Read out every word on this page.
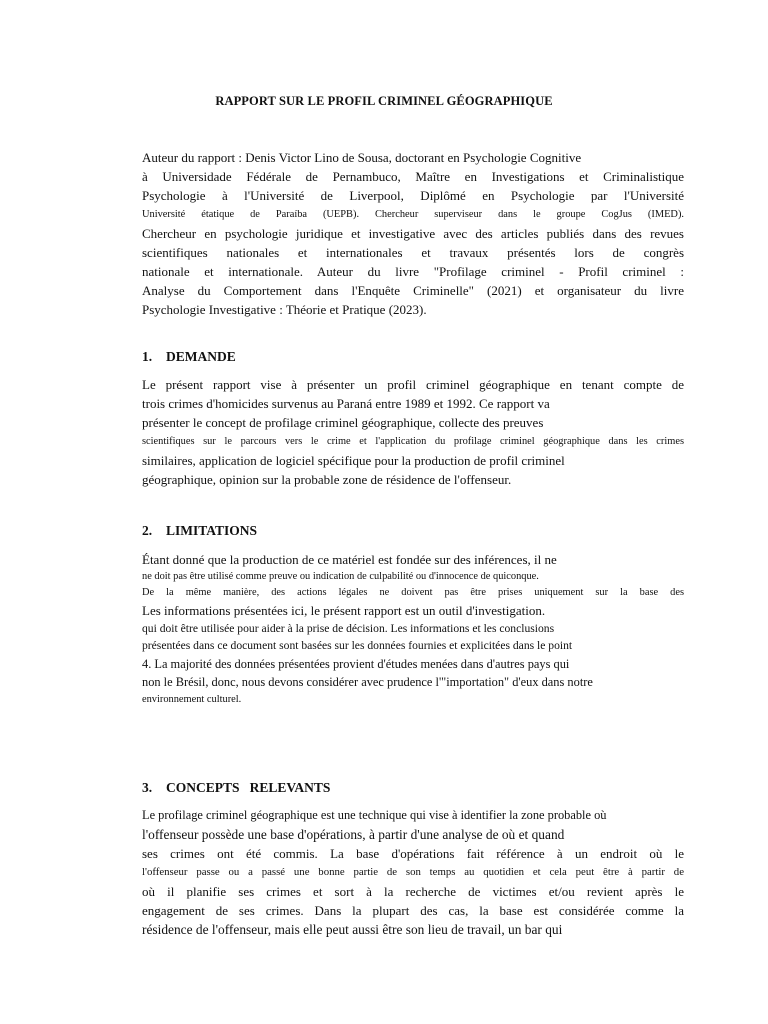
RAPPORT SUR LE PROFIL CRIMINEL GÉOGRAPHIQUE
Auteur du rapport : Denis Victor Lino de Sousa, doctorant en Psychologie Cognitive
à Universidade Fédérale de Pernambuco, Maître en Investigations et Criminalistique
Psychologie à l'Université de Liverpool, Diplômé en Psychologie par l'Université
Université étatique de Paraíba (UEPB). Chercheur superviseur dans le groupe CogJus (IMED).
Chercheur en psychologie juridique et investigative avec des articles publiés dans des revues
scientifiques nationales et internationales et travaux présentés lors de congrès
nationale et internationale. Auteur du livre "Profilage criminel - Profil criminel :
Analyse du Comportement dans l'Enquête Criminelle" (2021) et organisateur du livre
Psychologie Investigative : Théorie et Pratique (2023).
1. DEMANDE
Le présent rapport vise à présenter un profil criminel géographique en tenant compte de
trois crimes d'homicides survenus au Paraná entre 1989 et 1992. Ce rapport va
présenter le concept de profilage criminel géographique, collecte des preuves
scientifiques sur le parcours vers le crime et l'application du profilage criminel géographique dans les crimes
similaires, application de logiciel spécifique pour la production de profil criminel
géographique, opinion sur la probable zone de résidence de l'offenseur.
2. LIMITATIONS
Étant donné que la production de ce matériel est fondée sur des inférences, il ne
ne doit pas être utilisé comme preuve ou indication de culpabilité ou d'innocence de quiconque.
De la même manière, des actions légales ne doivent pas être prises uniquement sur la base des
Les informations présentées ici, le présent rapport est un outil d'investigation.
qui doit être utilisée pour aider à la prise de décision. Les informations et les conclusions
présentées dans ce document sont basées sur les données fournies et explicitées dans le point
4. La majorité des données présentées provient d'études menées dans d'autres pays qui
non le Brésil, donc, nous devons considérer avec prudence l'"importation" d'eux dans notre
environnement culturel.
3. CONCEPTS   RELEVANTS
Le profilage criminel géographique est une technique qui vise à identifier la zone probable où
l'offenseur possède une base d'opérations, à partir d'une analyse de où et quand
ses crimes ont été commis. La base d'opérations fait référence à un endroit où le
l'offenseur passe ou a passé une bonne partie de son temps au quotidien et cela peut être à partir de
où il planifie ses crimes et sort à la recherche de victimes et/ou revient après le
engagement de ses crimes. Dans la plupart des cas, la base est considérée comme la
résidence de l'offenseur, mais elle peut aussi être son lieu de travail, un bar qui
